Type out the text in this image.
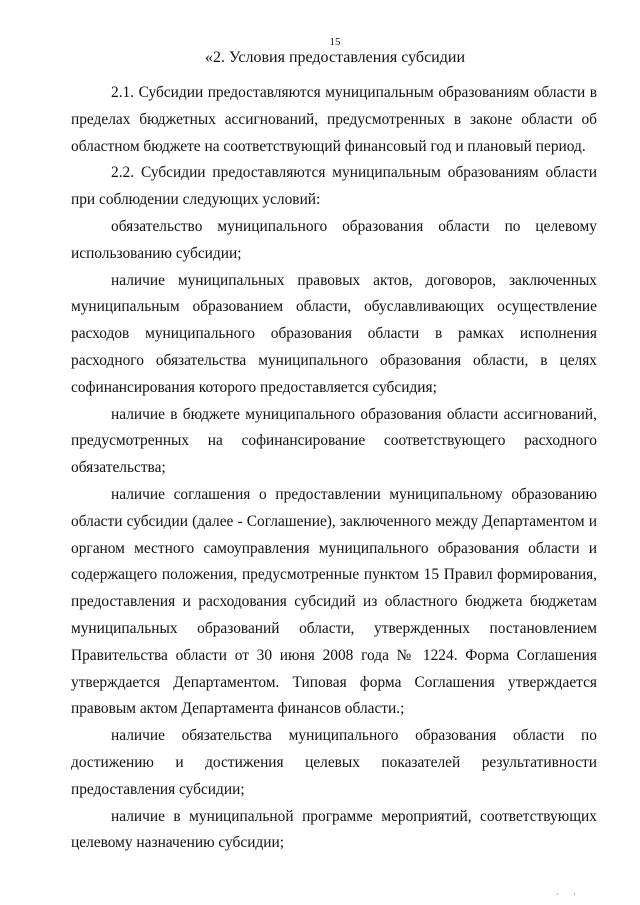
15
«2. Условия предоставления субсидии

2.1. Субсидии предоставляются муниципальным образованиям области в пределах бюджетных ассигнований, предусмотренных в законе области об областном бюджете на соответствующий финансовый год и плановый период.

2.2. Субсидии предоставляются муниципальным образованиям области при соблюдении следующих условий:

обязательство муниципального образования области по целевому использованию субсидии;

наличие муниципальных правовых актов, договоров, заключенных муниципальным образованием области, обуславливающих осуществление расходов муниципального образования области в рамках исполнения расходного обязательства муниципального образования области, в целях софинансирования которого предоставляется субсидия;

наличие в бюджете муниципального образования области ассигнований, предусмотренных на софинансирование соответствующего расходного обязательства;

наличие соглашения о предоставлении муниципальному образованию области субсидии (далее - Соглашение), заключенного между Департаментом и органом местного самоуправления муниципального образования области и содержащего положения, предусмотренные пунктом 15 Правил формирования, предоставления и расходования субсидий из областного бюджета бюджетам муниципальных образований области, утвержденных постановлением Правительства области от 30 июня 2008 года № 1224. Форма Соглашения утверждается Департаментом. Типовая форма Соглашения утверждается правовым актом Департамента финансов области.;

наличие обязательства муниципального образования области по достижению и достижения целевых показателей результативности предоставления субсидии;

наличие в муниципальной программе мероприятий, соответствующих целевому назначению субсидии;

· ·
